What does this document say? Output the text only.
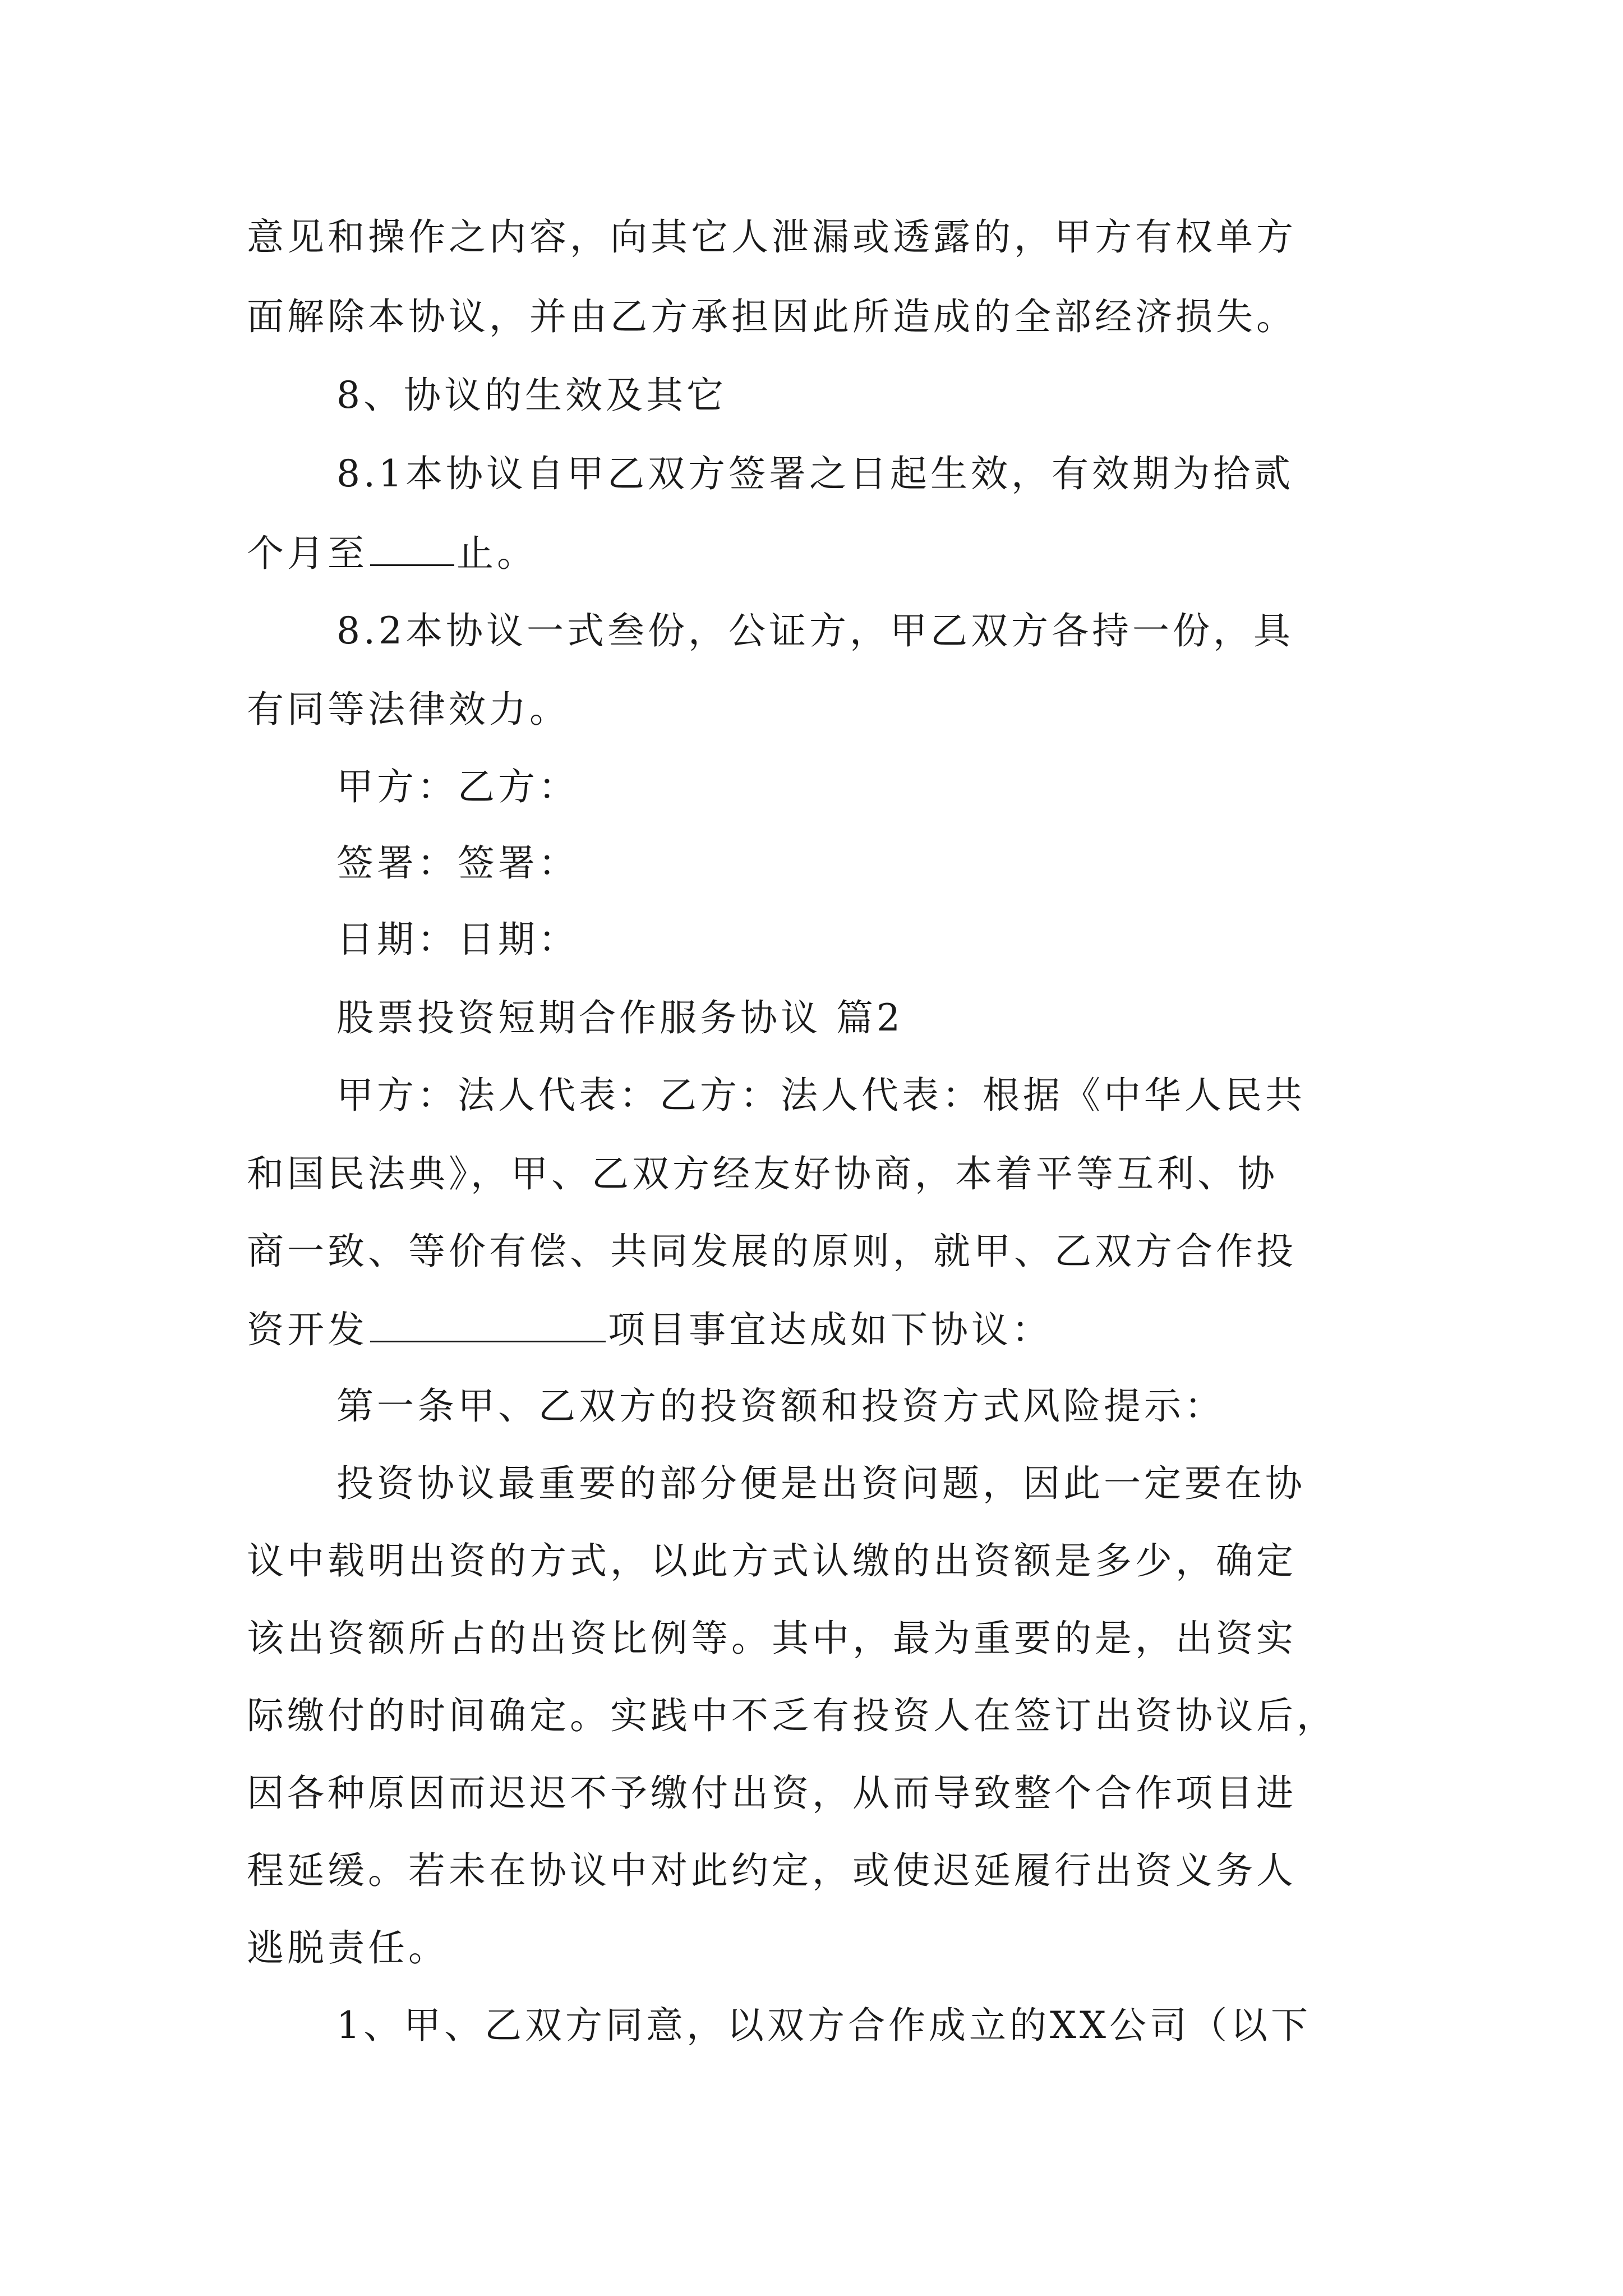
意见和操作之内容，向其它人泄漏或透露的，甲方有权单方
面解除本协议，并由乙方承担因此所造成的全部经济损失。
8、协议的生效及其它
8.1本协议自甲乙双方签署之日起生效，有效期为拾贰
个月至 止。
8.2本协议一式叁份，公证方，甲乙双方各持一份，具
有同等法律效力。
甲方：乙方：
签署：签署：
日期：日期：
股票投资短期合作服务协议 篇2
甲方：法人代表：乙方：法人代表：根据《中华人民共
和国民法典》，甲、乙双方经友好协商，本着平等互利、协
商一致、等价有偿、共同发展的原则，就甲、乙双方合作投
资开发	项目事宜达成如下协议：
第一条甲、乙双方的投资额和投资方式风险提示：
投资协议最重要的部分便是出资问题，因此一定要在协
议中载明出资的方式，以此方式认缴的出资额是多少，确定
该出资额所占的出资比例等。其中，最为重要的是，出资实
际缴付的时间确定。实践中不乏有投资人在签订出资协议后，
因各种原因而迟迟不予缴付出资，从而导致整个合作项目进
程延缓。若未在协议中对此约定，或使迟延履行出资义务人
逃脱责任。
1、甲、乙双方同意，以双方合作成立的XX公司（以下
